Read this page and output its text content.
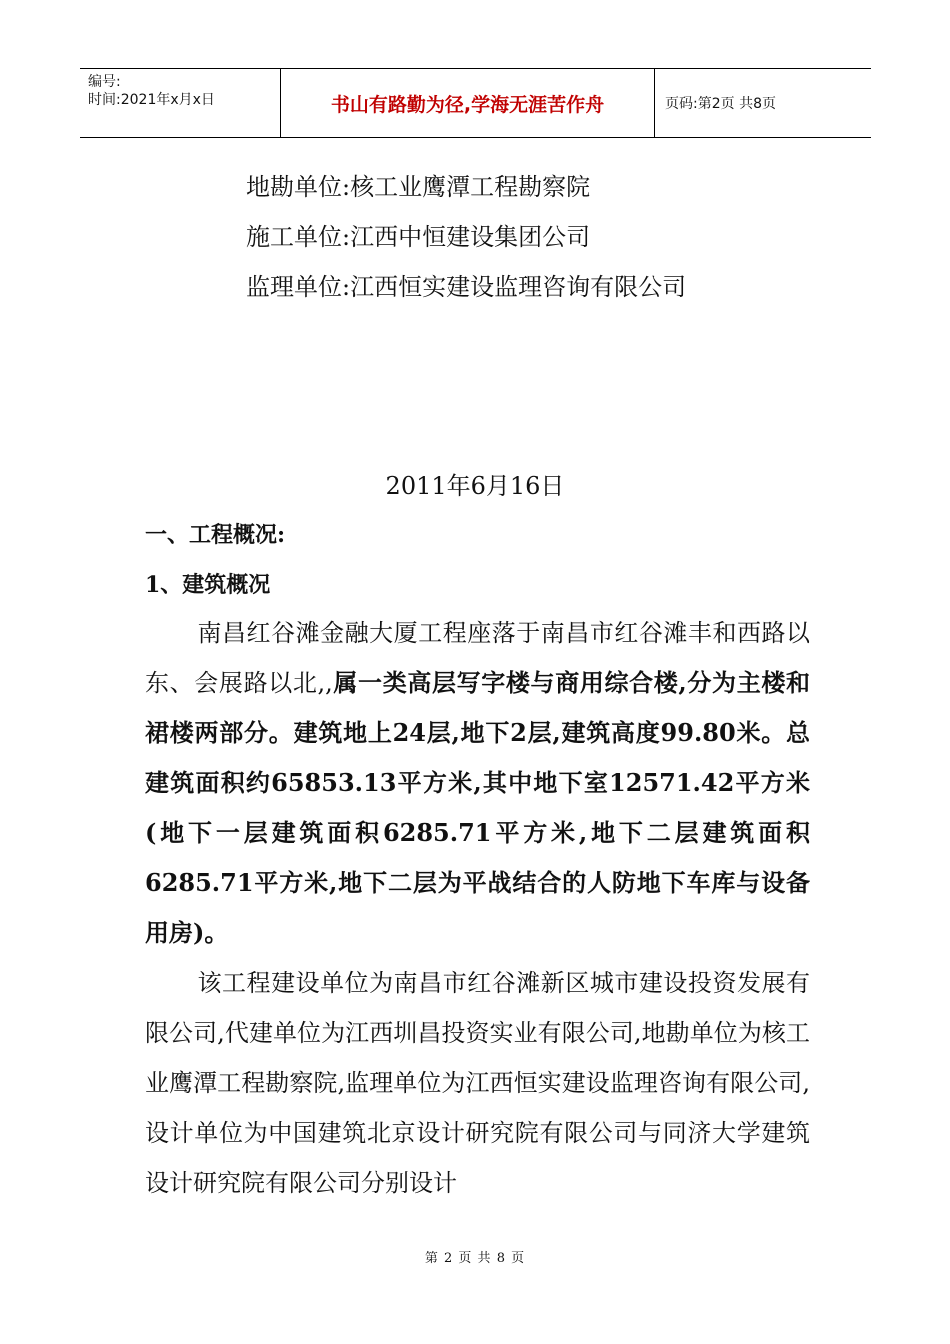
编号:
时间:2021年x月x日	书山有路勤为径,学海无涯苦作舟	页码:第2页 共8页
地勘单位:核工业鹰潭工程勘察院
施工单位:江西中恒建设集团公司
监理单位:江西恒实建设监理咨询有限公司
2011年6月16日
一、工程概况:
1、建筑概况

南昌红谷滩金融大厦工程座落于南昌市红谷滩丰和西路以东、会展路以北,,属一类高层写字楼与商用综合楼,分为主楼和裙楼两部分。建筑地上24层,地下2层,建筑高度99.80米。总建筑面积约65853.13平方米,其中地下室12571.42平方米(地下一层建筑面积6285.71平方米,地下二层建筑面积6285.71平方米,地下二层为平战结合的人防地下车库与设备用房)。

该工程建设单位为南昌市红谷滩新区城市建设投资发展有限公司,代建单位为江西圳昌投资实业有限公司,地勘单位为核工业鹰潭工程勘察院,监理单位为江西恒实建设监理咨询有限公司,设计单位为中国建筑北京设计研究院有限公司与同济大学建筑设计研究院有限公司分别设计

第 2 页 共 8 页
